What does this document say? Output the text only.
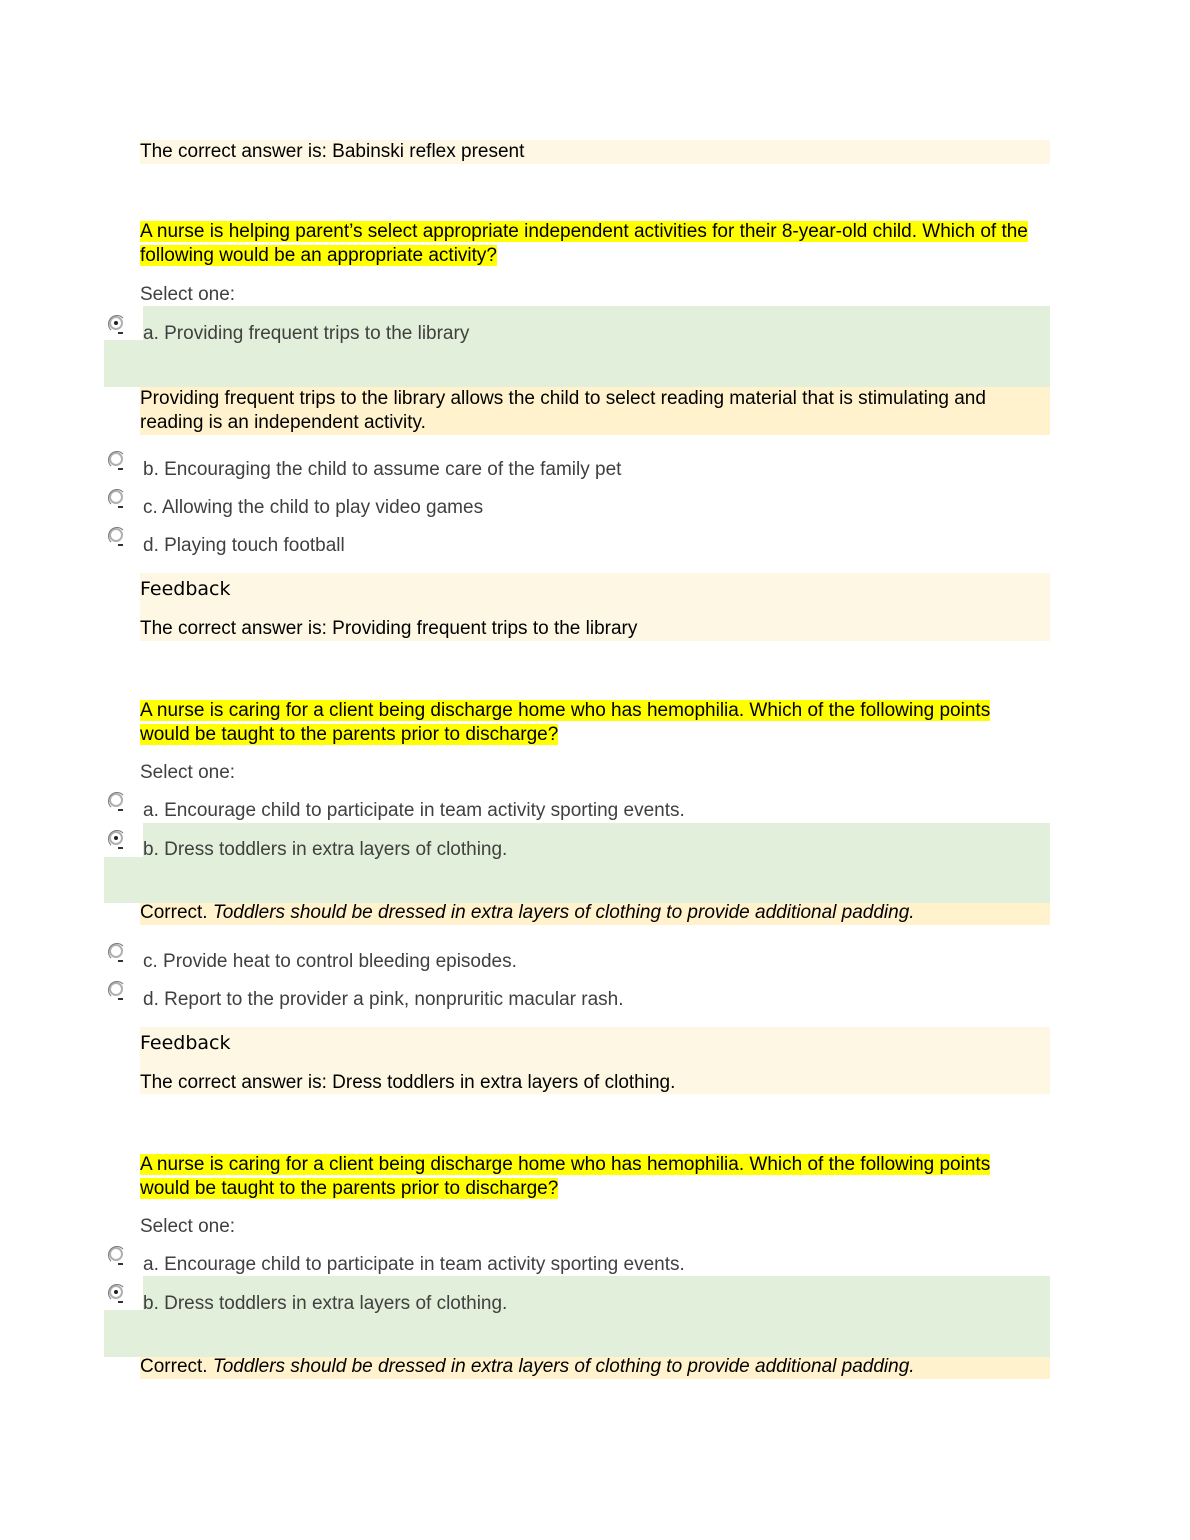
The correct answer is: Babinski reflex present
A nurse is helping parent’s select appropriate independent activities for their 8-year-old child. Which of the following would be an appropriate activity?
Select one:
a. Providing frequent trips to the library
Providing frequent trips to the library allows the child to select reading material that is stimulating and reading is an independent activity.
b. Encouraging the child to assume care of the family pet
c. Allowing the child to play video games
d. Playing touch football
Feedback
The correct answer is: Providing frequent trips to the library
A nurse is caring for a client being discharge home who has hemophilia. Which of the following points would be taught to the parents prior to discharge?
Select one:
a. Encourage child to participate in team activity sporting events.
b. Dress toddlers in extra layers of clothing.
Correct. Toddlers should be dressed in extra layers of clothing to provide additional padding.
c. Provide heat to control bleeding episodes.
d. Report to the provider a pink, nonpruritic macular rash.
Feedback
The correct answer is: Dress toddlers in extra layers of clothing.
A nurse is caring for a client being discharge home who has hemophilia. Which of the following points would be taught to the parents prior to discharge?
Select one:
a. Encourage child to participate in team activity sporting events.
b. Dress toddlers in extra layers of clothing.
Correct. Toddlers should be dressed in extra layers of clothing to provide additional padding.
